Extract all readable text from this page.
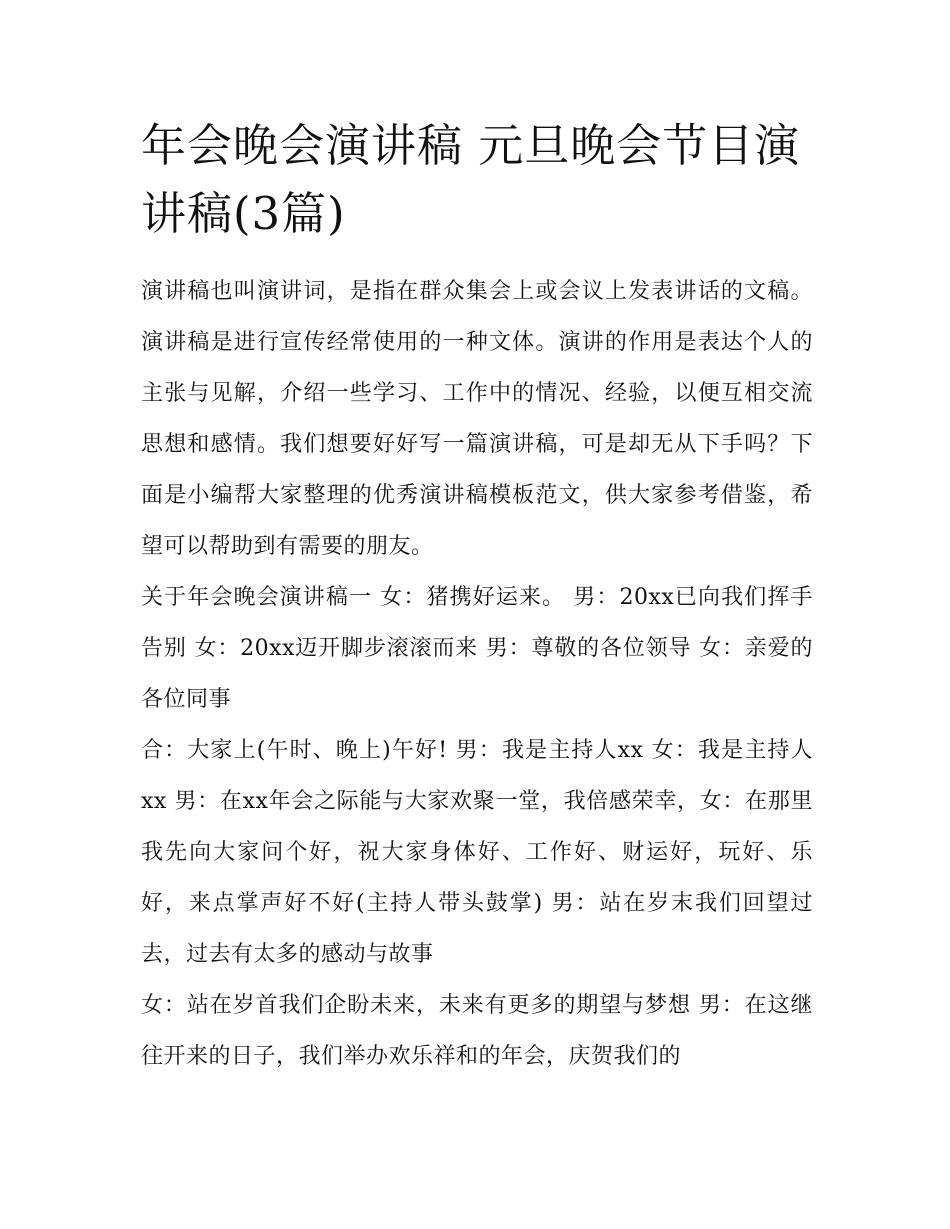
年会晚会演讲稿 元旦晚会节目演讲稿(3篇)

演讲稿也叫演讲词，是指在群众集会上或会议上发表讲话的文稿。演讲稿是进行宣传经常使用的一种文体。演讲的作用是表达个人的主张与见解，介绍一些学习、工作中的情况、经验，以便互相交流思想和感情。我们想要好好写一篇演讲稿，可是却无从下手吗？下面是小编帮大家整理的优秀演讲稿模板范文，供大家参考借鉴，希望可以帮助到有需要的朋友。

关于年会晚会演讲稿一 女：猪携好运来。 男：20xx已向我们挥手告别 女：20xx迈开脚步滚滚而来 男：尊敬的各位领导 女：亲爱的各位同事

合：大家上(午时、晚上)午好! 男：我是主持人xx 女：我是主持人xx 男：在xx年会之际能与大家欢聚一堂，我倍感荣幸，女：在那里我先向大家问个好，祝大家身体好、工作好、财运好，玩好、乐好，来点掌声好不好(主持人带头鼓掌) 男：站在岁末我们回望过去，过去有太多的感动与故事

女：站在岁首我们企盼未来，未来有更多的期望与梦想 男：在这继往开来的日子，我们举办欢乐祥和的年会，庆贺我们的
